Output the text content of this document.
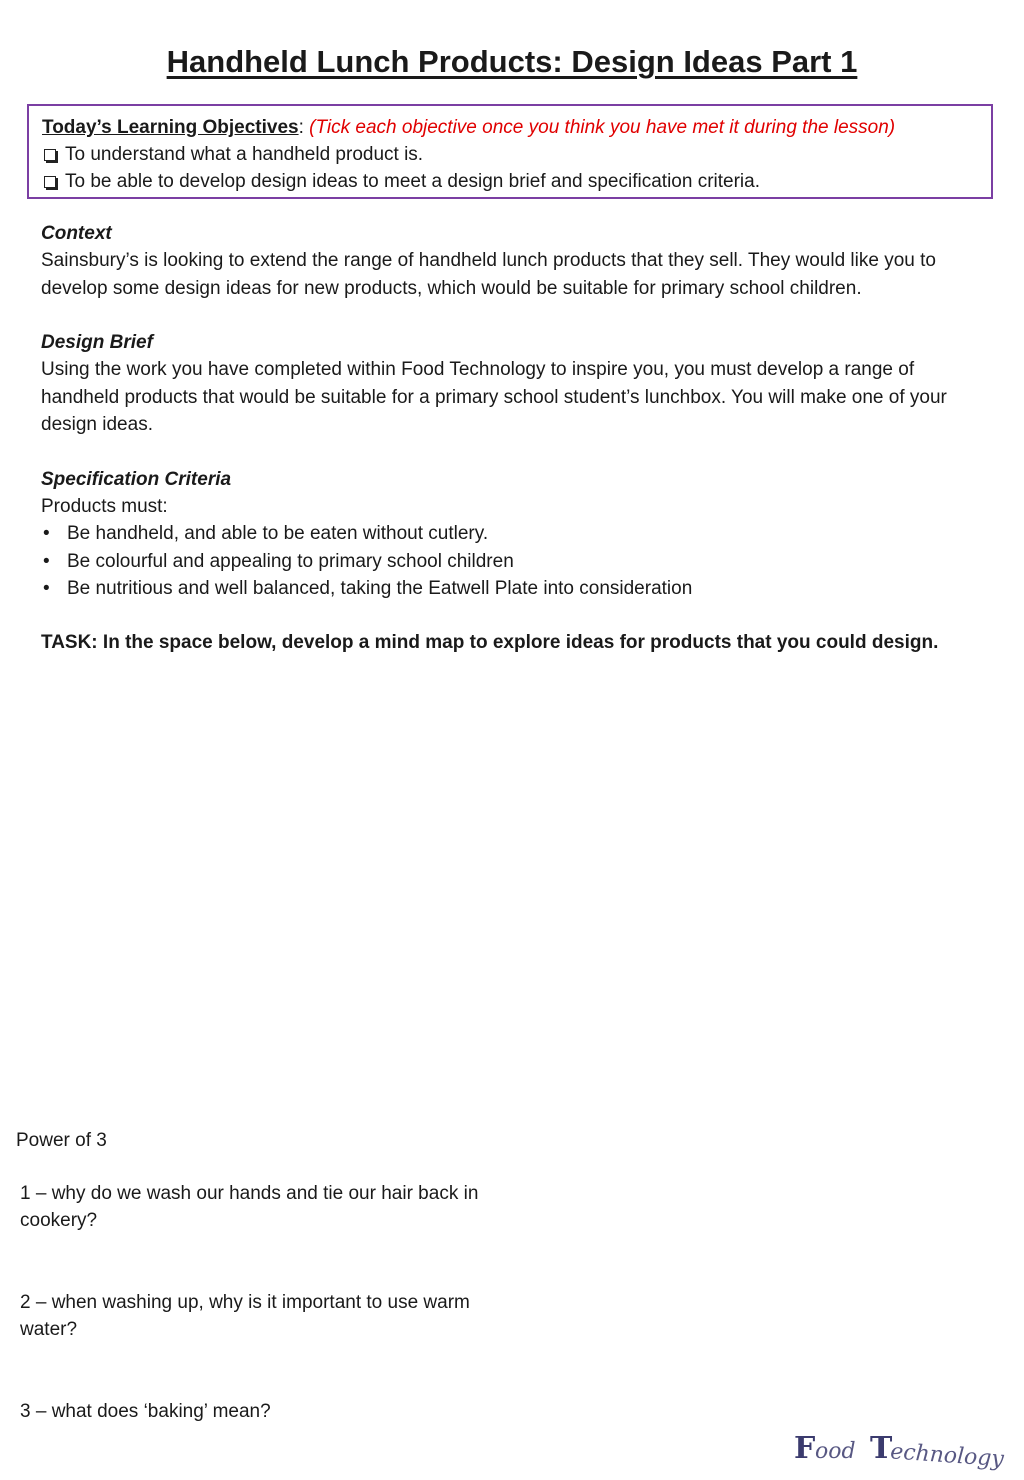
Handheld Lunch Products: Design Ideas Part 1
Today’s Learning Objectives: (Tick each objective once you think you have met it during the lesson)
To understand what a handheld product is.
To be able to develop design ideas to meet a design brief and specification criteria.
Context
Sainsbury’s is looking to extend the range of handheld lunch products that they sell. They would like you to develop some design ideas for new products, which would be suitable for primary school children.
Design Brief
Using the work you have completed within Food Technology to inspire you, you must develop a range of handheld products that would be suitable for a primary school student’s lunchbox. You will make one of your design ideas.
Specification Criteria
Products must:
• Be handheld, and able to be eaten without cutlery.
• Be colourful and appealing to primary school children
• Be nutritious and well balanced, taking the Eatwell Plate into consideration
TASK: In the space below, develop a mind map to explore ideas for products that you could design.
Power of 3
1 – why do we wash our hands and tie our hair back in cookery?
2 – when washing up, why is it important to use warm water?
3 – what does ‘baking’ mean?
F ood T
echnology
